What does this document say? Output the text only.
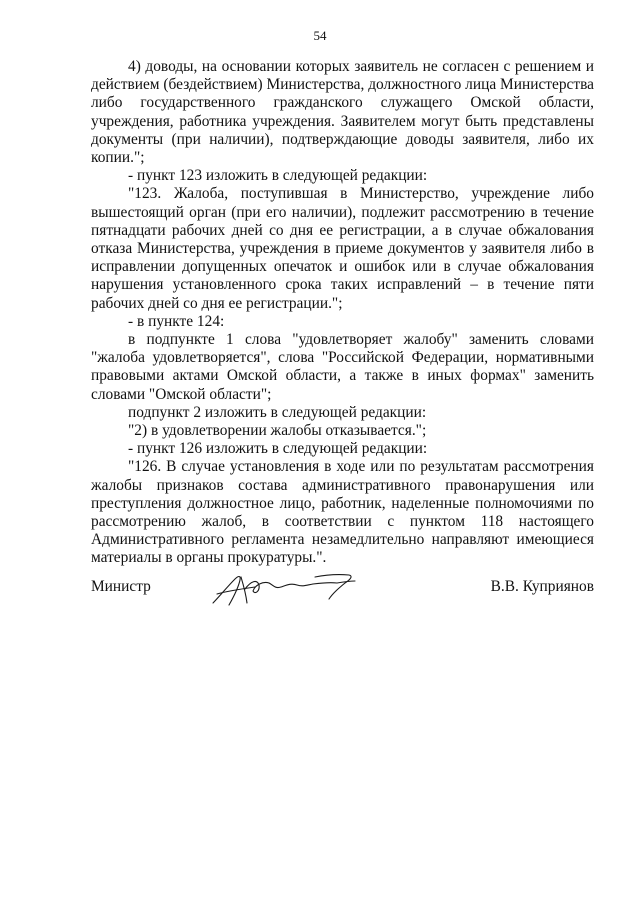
54

4) доводы, на основании которых заявитель не согласен с решением и действием (бездействием) Министерства, должностного лица Министерства либо государственного гражданского служащего Омской области, учреждения, работника учреждения. Заявителем могут быть представлены документы (при наличии), подтверждающие доводы заявителя, либо их копии.";

- пункт 123 изложить в следующей редакции:

"123. Жалоба, поступившая в Министерство, учреждение либо вышестоящий орган (при его наличии), подлежит рассмотрению в течение пятнадцати рабочих дней со дня ее регистрации, а в случае обжалования отказа Министерства, учреждения в приеме документов у заявителя либо в исправлении допущенных опечаток и ошибок или в случае обжалования нарушения установленного срока таких исправлений – в течение пяти рабочих дней со дня ее регистрации.";

- в пункте 124:

в подпункте 1 слова "удовлетворяет жалобу" заменить словами "жалоба удовлетворяется", слова "Российской Федерации, нормативными правовыми актами Омской области, а также в иных формах" заменить словами "Омской области";

подпункт 2 изложить в следующей редакции:

"2) в удовлетворении жалобы отказывается.";

- пункт 126 изложить в следующей редакции:

"126. В случае установления в ходе или по результатам рассмотрения жалобы признаков состава административного правонарушения или преступления должностное лицо, работник, наделенные полномочиями по рассмотрению жалоб, в соответствии с пунктом 118 настоящего Административного регламента незамедлительно направляют имеющиеся материалы в органы прокуратуры.".

Министр	В.В. Куприянов
